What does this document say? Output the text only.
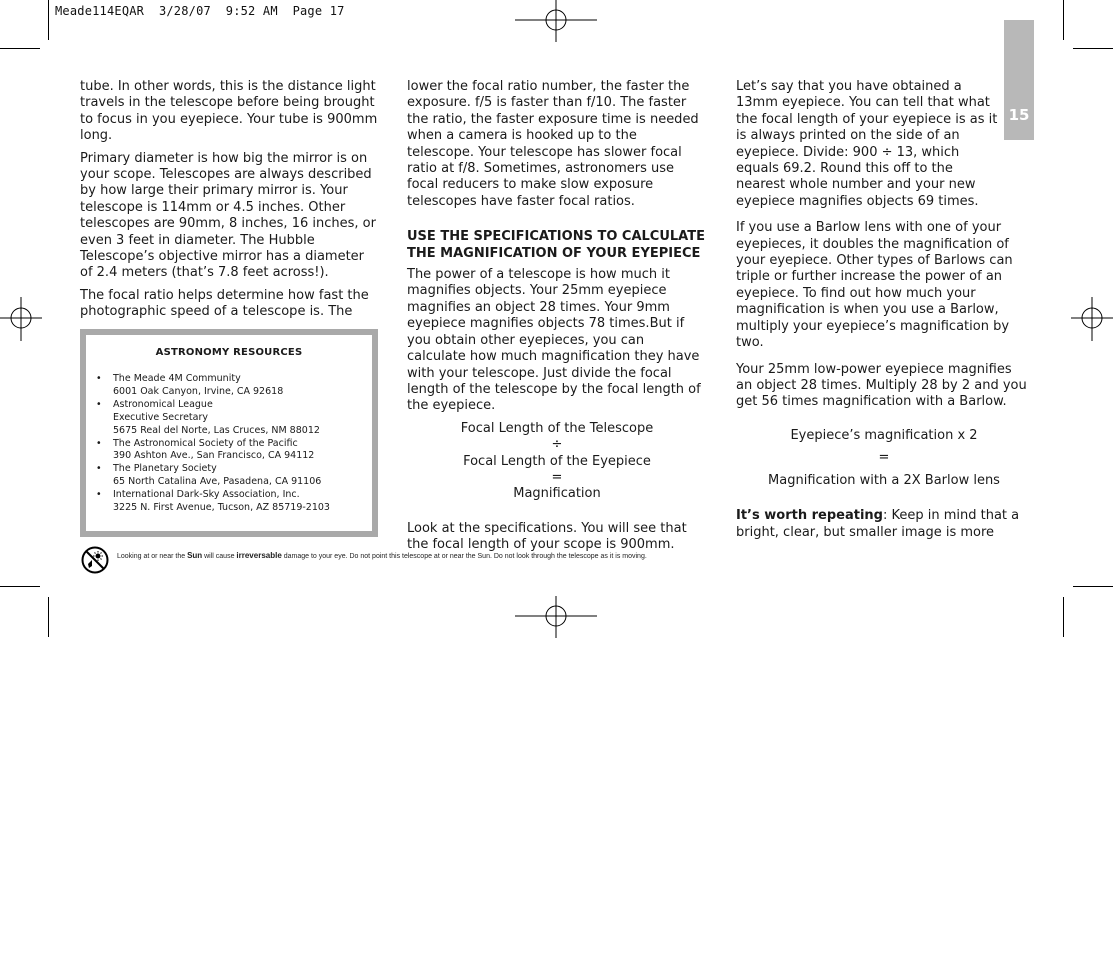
Meade114EQAR  3/28/07  9:52 AM  Page 17
15

tube. In other words, this is the distance light travels in the telescope before being brought to focus in you eyepiece. Your tube is 900mm long.

Primary diameter is how big the mirror is on your scope. Telescopes are always described by how large their primary mirror is. Your telescope is 114mm or 4.5 inches. Other telescopes are 90mm, 8 inches, 16 inches, or even 3 feet in diameter. The Hubble Telescope’s objective mirror has a diameter of 2.4 meters (that’s 7.8 feet across!).

The focal ratio helps determine how fast the photographic speed of a telescope is. The

ASTRONOMY RESOURCES
• The Meade 4M Community
6001 Oak Canyon, Irvine, CA 92618
• Astronomical League
Executive Secretary
5675 Real del Norte, Las Cruces, NM 88012
• The Astronomical Society of the Pacific
390 Ashton Ave., San Francisco, CA 94112
• The Planetary Society
65 North Catalina Ave, Pasadena, CA 91106
• International Dark-Sky Association, Inc.
3225 N. First Avenue, Tucson, AZ 85719-2103

lower the focal ratio number, the faster the exposure. f/5 is faster than f/10. The faster the ratio, the faster exposure time is needed when a camera is hooked up to the telescope. Your telescope has slower focal ratio at f/8. Sometimes, astronomers use focal reducers to make slow exposure telescopes have faster focal ratios.

USE THE SPECIFICATIONS TO CALCULATE THE MAGNIFICATION OF YOUR EYEPIECE

The power of a telescope is how much it magnifies objects. Your 25mm eyepiece magnifies an object 28 times. Your 9mm eyepiece magnifies objects 78 times.But if you obtain other eyepieces, you can calculate how much magnification they have with your telescope. Just divide the focal length of the telescope by the focal length of the eyepiece.

Focal Length of the Telescope
÷
Focal Length of the Eyepiece
=
Magnification

Look at the specifications. You will see that the focal length of your scope is 900mm.

Let’s say that you have obtained a 13mm eyepiece. You can tell that what the focal length of your eyepiece is as it is always printed on the side of an eyepiece. Divide: 900 ÷ 13, which equals 69.2. Round this off to the nearest whole number and your new eyepiece magnifies objects 69 times.

If you use a Barlow lens with one of your eyepieces, it doubles the magnification of your eyepiece. Other types of Barlows can triple or further increase the power of an eyepiece. To find out how much your magnification is when you use a Barlow, multiply your eyepiece’s magnification by two.

Your 25mm low-power eyepiece magnifies an object 28 times. Multiply 28 by 2 and you get 56 times magnification with a Barlow.

Eyepiece’s magnification x 2
=
Magnification with a 2X Barlow lens

It’s worth repeating: Keep in mind that a bright, clear, but smaller image is more

Looking at or near the Sun will cause irreversable damage to your eye. Do not point this telescope at or near the Sun. Do not look through the telescope as it is moving.
